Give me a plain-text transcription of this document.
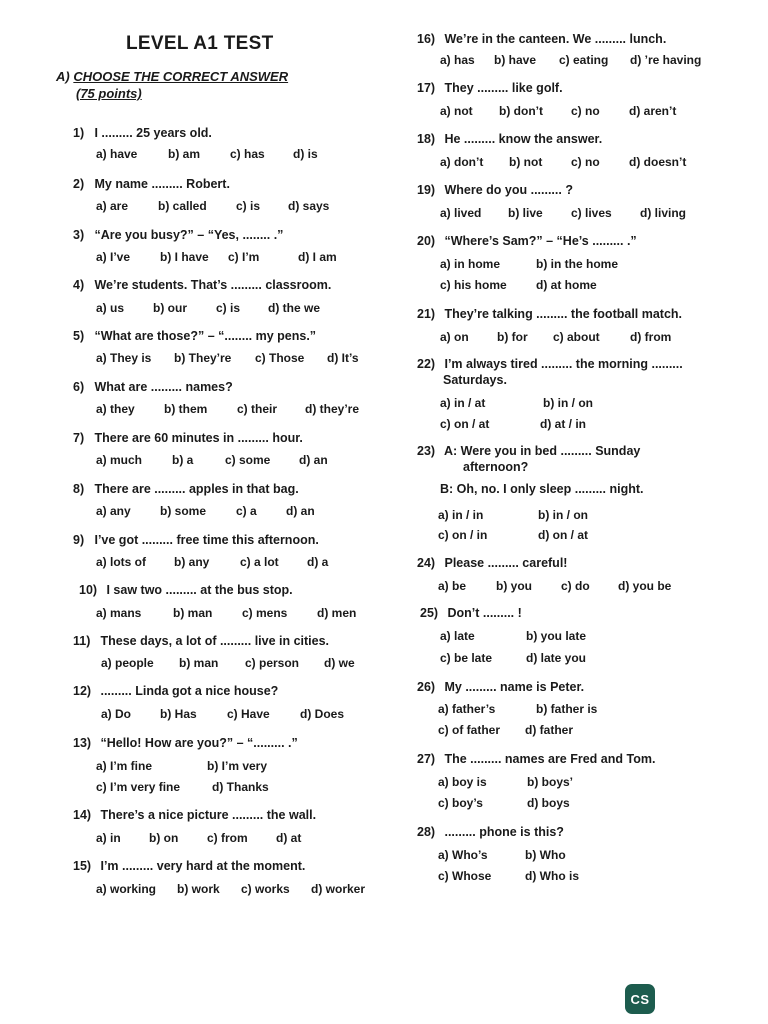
LEVEL A1 TEST
A) CHOOSE THE CORRECT ANSWER
(75 points)
1) I ......... 25 years old.
a) have	b) am c) has d) is
2) My name ......... Robert.
a) are b) called c) is d) says
3) “Are you busy?” – “Yes, ........ .”
a) I’ve b) I have c) I’m	d) I am
4) We’re students. That’s ......... classroom.
a) us b) our c) is d) the we
5) “What are those?” – “........ my pens.”
a) They is b) They’re c) Those d) It’s
6) What are ......... names?
a) they b) them c) their d) they’re
7) There are 60 minutes in ......... hour.
a) much b) a	c) some d) an
8) There are ......... apples in that bag.
a) any b) some c) a d) an
9) I’ve got ......... free time this afternoon.
a) lots of b) any	c) a lot d) a
10) I saw two ......... at the bus stop.
a) mans	b) man c) mens d) men
11) These days, a lot of ......... live in cities.
a) people b) man c) person d) we
12) ......... Linda got a nice house?
a) Do b) Has	c) Have	d) Does
13) “Hello! How are you?” – “......... .”
a) I’m fine	b) I’m very
c) I’m very fine	d) Thanks
14) There’s a nice picture ......... the wall.
a) in b) on c) from d) at
15) I’m ......... very hard at the moment.
a) working b) work c) works d) worker
16) We’re in the canteen. We ......... lunch.
a) has b) have c) eating d) ’re having
17) They ......... like golf.
a) not b) don’t c) no d) aren’t
18) He ......... know the answer.
a) don’t b) not c) no d) doesn’t
19) Where do you ......... ?
a) lived b) live c) lives d) living
20) “Where’s Sam?” – “He’s ......... .”
a) in home	b) in the home
c) his home d) at home
21) They’re talking ......... the football match.
a) on b) for c) about	d) from
22) I’m always tired ......... the morning .........
Saturdays.
a) in / at	b) in / on
c) on / at	d) at / in
23) A: Were you in bed ......... Sunday
afternoon?
B: Oh, no. I only sleep ......... night.
a) in / in	b) in / on
c) on / in	d) on / at
24) Please ......... careful!
a) be b) you c) do d) you be
25) Don’t ......... !
a) late	b) you late
c) be late	d) late you
26) My ......... name is Peter.
a) father’s	b) father is
c) of father d) father
27) The ......... names are Fred and Tom.
a) boy is	b) boys’
c) boy’s	d) boys
28) ......... phone is this?
a) Who’s	b) Who
c) Whose	d) Who is
CS
